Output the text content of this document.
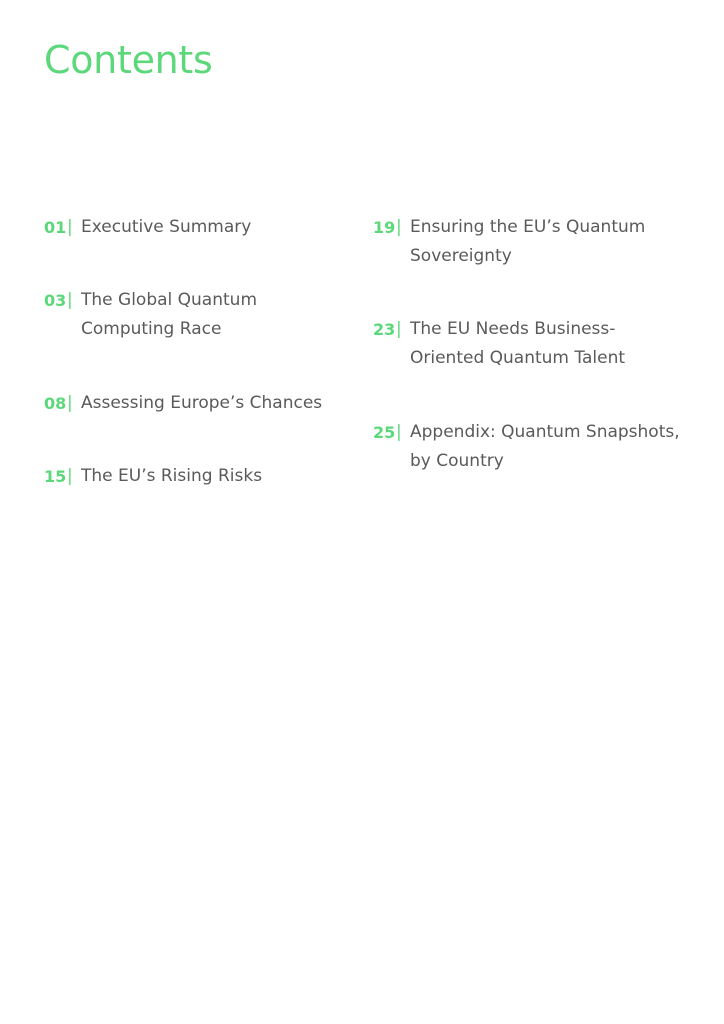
Contents
01 | Executive Summary
03 | The Global Quantum Computing Race
08 | Assessing Europe’s Chances
15 | The EU’s Rising Risks
19 | Ensuring the EU’s Quantum Sovereignty
23 | The EU Needs Business-Oriented Quantum Talent
25 | Appendix: Quantum Snapshots, by Country
